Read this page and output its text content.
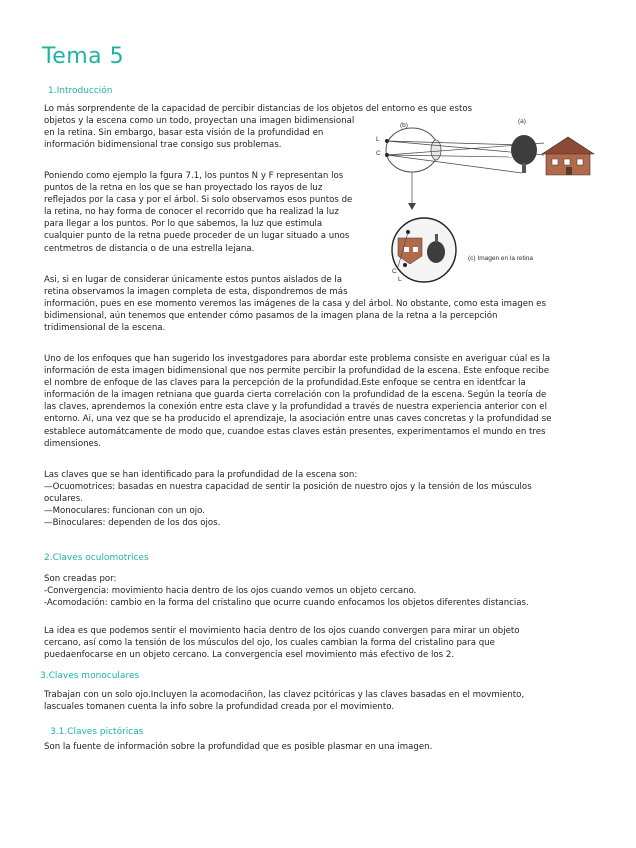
Tema 5
1.Introducción
Lo más sorprendente de la capacidad de percibir distancias de los objetos del entorno es que estos
objetos y la escena como un todo, proyectan una imagen bidimensional
en la retina. Sin embargo, basar esta visión de la profundidad en
información bidimensional trae consigo sus problemas.
Poniendo como ejemplo la fgura 7.1, los puntos N y F representan los
puntos de la retna en los que se han proyectado los rayos de luz
reflejados por la casa y por el árbol. Si solo observamos esos puntos de
la retina, no hay forma de conocer el recorrido que ha realizad la luz
para llegar a los puntos. Por lo que sabemos, la luz que estimula
cualquier punto de la retna puede proceder de un lugar situado a unos
centmetros de distancia o de una estrella lejana.
Asi, si en lugar de considerar únicamente estos puntos aislados de la
retina observamos la imagen completa de esta, dispondremos de más
información, pues en ese momento veremos las imágenes de la casa y del árbol. No obstante, como esta imagen es
bidimensional, aún tenemos que entender cómo pasamos de la imagen plana de la retna a la percepción
tridimensional de la escena.
Uno de los enfoques que han sugerido los investgadores para abordar este problema consiste en averiguar cúal es la
información de esta imagen bidimensional que nos permite percibir la profundidad de la escena. Este enfoque recibe
el nombre de enfoque de las claves para la percepción de la profundidad.Este enfoque se centra en identfcar la
información de la imagen retniana que guarda cierta correlación con la profundidad de la escena. Según la teoría de
las claves, aprendemos la conexión entre esta clave y la profundidad a través de nuestra experiencia anterior con el
entorno. Ai, una vez que se ha producido el aprendizaje, la asociación entre unas caves concretas y la profundidad se
establece automátcamente de modo que, cuandoe estas claves están presentes, experimentamos el mundo en tres
dimensiones.
Las claves que se han identificado para la profundidad de la escena son:
—Ocuomotrices: basadas en nuestra capacidad de sentir la posición de nuestro ojos y la tensión de los músculos
oculares.
—Monoculares: funcionan con un ojo.
—Binoculares: dependen de los dos ojos.
2.Claves oculomotrices
Son creadas por:
-Convergencia: movimiento hacia dentro de los ojos cuando vemos un objeto cercano.
-Acomodación: cambio en la forma del cristalino que ocurre cuando enfocamos los objetos diferentes distancias.
La idea es que podemos sentir el movimiento hacia dentro de los ojos cuando convergen para mirar un objeto
cercano, así como la tensión de los músculos del ojo, los cuales cambian la forma del cristalino para que
puedaenfocarse en un objeto cercano. La convergencia esel movimiento más efectivo de los 2.
3.Claves monoculares
Trabajan con un solo ojo.Incluyen la acomodaciñon, las clavez pcitóricas y las claves basadas en el movmiento,
lascuales tomanen cuenta la info sobre la profundidad creada por el movimiento.
3.1.Claves pictóricas
Son la fuente de información sobre la profundidad que es posible plasmar en una imagen.
(b)
(a)
L
C
C
L
(c) Imagen en la retina
